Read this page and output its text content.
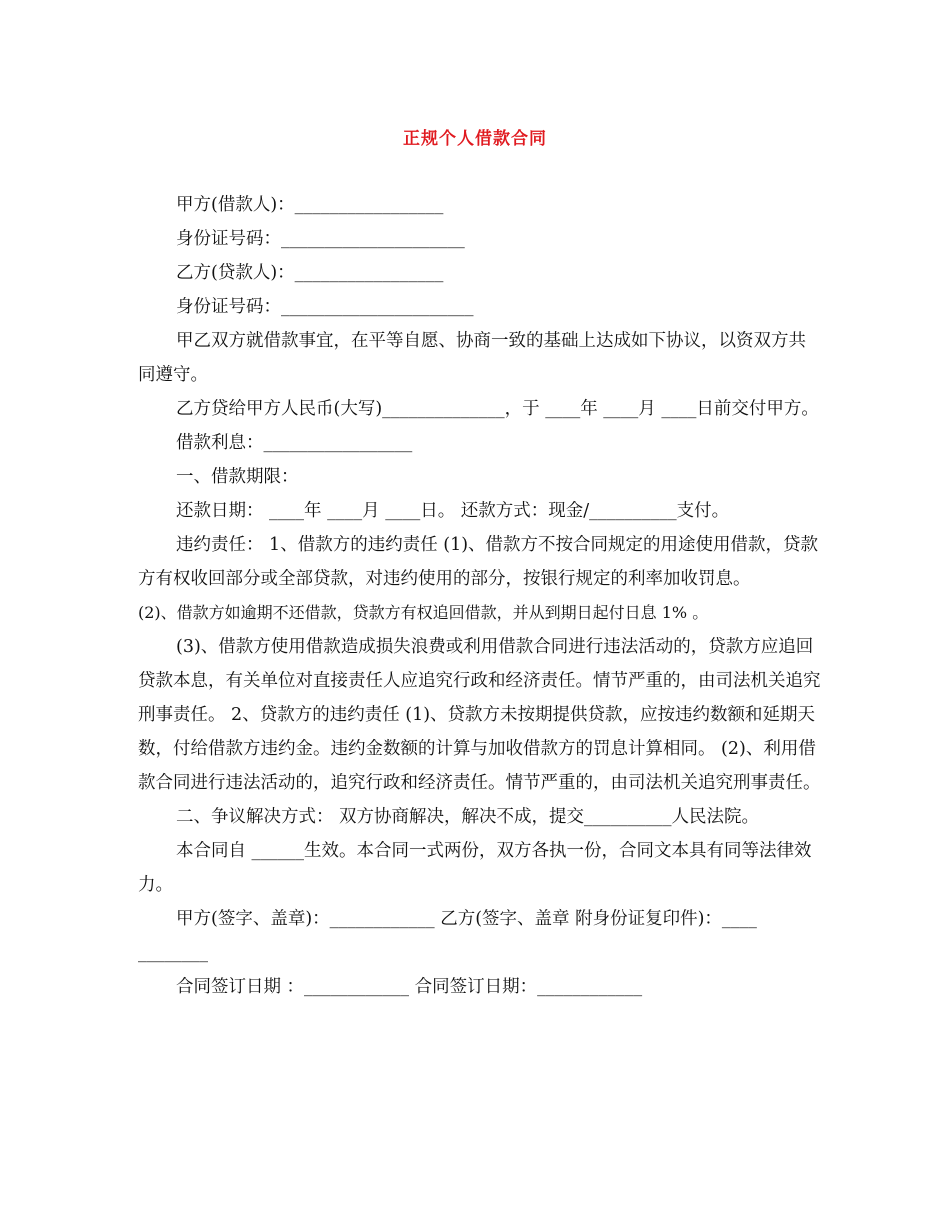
正规个人借款合同

甲方(借款人)：_________________

身份证号码：_____________________

乙方(贷款人)：_________________

身份证号码：______________________

甲乙双方就借款事宜，在平等自愿、协商一致的基础上达成如下协议，以资双方共同遵守。

乙方贷给甲方人民币(大写)______________，于 ____年 ____月 ____日前交付甲方。

借款利息：_________________

一、借款期限：

还款日期： ____年 ____月 ____日。 还款方式：现金/__________支付。

违约责任： 1、借款方的违约责任 (1)、借款方不按合同规定的用途使用借款，贷款方有权收回部分或全部贷款，对违约使用的部分，按银行规定的利率加收罚息。

(2)、借款方如逾期不还借款，贷款方有权追回借款，并从到期日起付日息 1% 。

(3)、借款方使用借款造成损失浪费或利用借款合同进行违法活动的，贷款方应追回贷款本息，有关单位对直接责任人应追究行政和经济责任。情节严重的，由司法机关追究刑事责任。 2、贷款方的违约责任 (1)、贷款方未按期提供贷款，应按违约数额和延期天数，付给借款方违约金。违约金数额的计算与加收借款方的罚息计算相同。 (2)、利用借款合同进行违法活动的，追究行政和经济责任。情节严重的，由司法机关追究刑事责任。

二、争议解决方式： 双方协商解决，解决不成，提交__________人民法院。

本合同自 ______生效。本合同一式两份，双方各执一份，合同文本具有同等法律效力。

甲方(签字、盖章)：____________ 乙方(签字、盖章 附身份证复印件)：____ ________

合同签订日期 ：____________ 合同签订日期：____________
